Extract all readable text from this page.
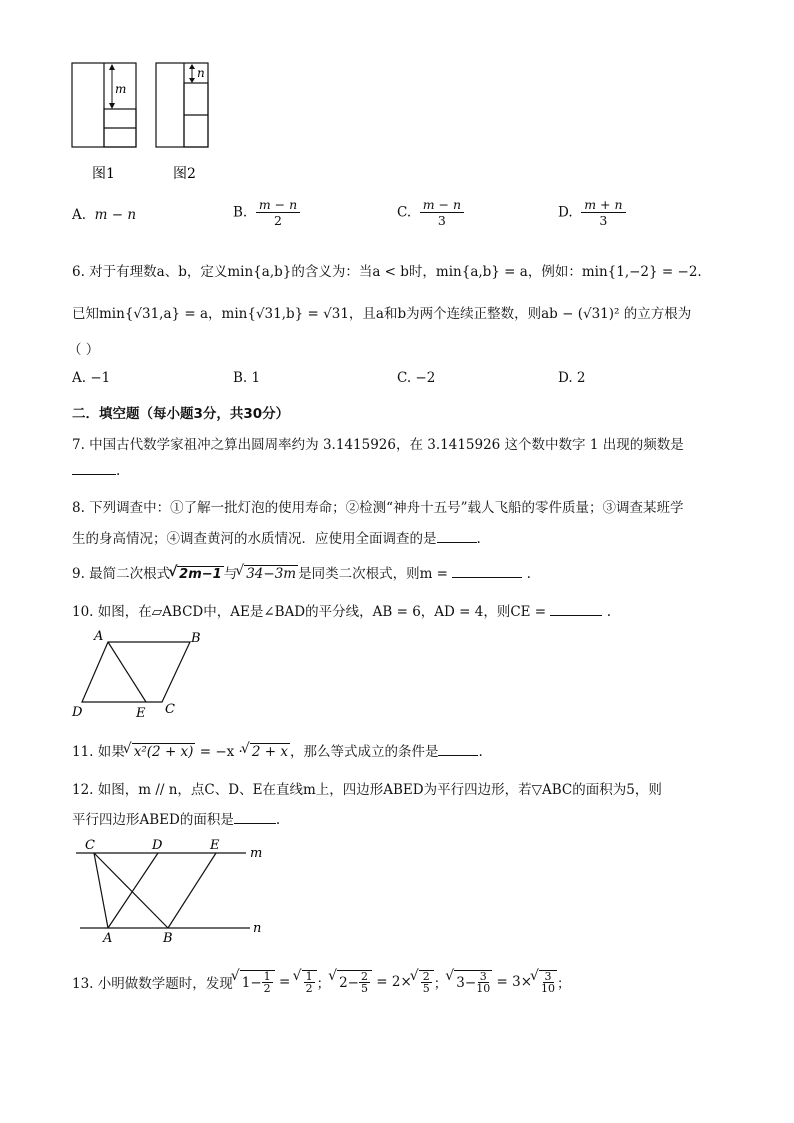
m
n
图1	图2
A. m − n	B. $\frac{m - n}{2}$	C. $\frac{m - n}{3}$	D. $\frac{m + n}{3}$
6. 对于有理数a、b，定义min{a,b}的含义为：当a < b时，min{a,b} = a，例如：min{1,−2} = −2.
已知min{√31,a} = a，min{√31,b} = √31，且a和b为两个连续正整数，则ab − (√31)² 的立方根为
（ ）
A. −1	B. 1	C. −2	D. 2
二．填空题（每小题3分，共30分）
7. 中国古代数学家祖冲之算出圆周率约为 3.1415926，在 3.1415926 这个数中数字 1 出现的频数是
.
8. 下列调查中：①了解一批灯泡的使用寿命；②检测“神舟十五号”载人飞船的零件质量；③调查某班学
生的身高情况；④调查黄河的水质情况．应使用全面调查的是	.
9. 最简二次根式 √ 2m−1 与 √ 34−3m 是同类二次根式，则m =	.
10. 如图，在▱ABCD中，AE是∠BAD的平分线，AB = 6，AD = 4，则CE =	.
A	B
C
D	E
11. 如果 √ x²(2 + x) = −x · √ 2 + x ，那么等式成立的条件是	.
12. 如图，m // n，点C、D、E在直线m上，四边形ABED为平行四边形，若▽ABC的面积为5，则
平行四边形ABED的面积是	.
C	D	E
m
A	B
n
13. 小明做数学题时，发现 √ $1 - \frac{1}{2}$ = √ $\frac{1}{2}$ ； √ $2 - \frac{2}{5} = 2$ × √ $\frac{2}{5}$ ； √ $3 - \frac{3}{10} = 3$ × √ $\frac{3}{10}$ ；
